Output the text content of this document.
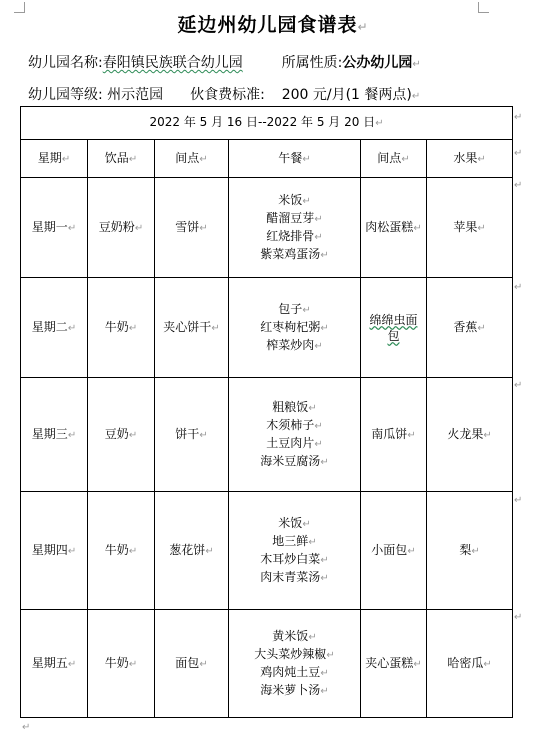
延边州幼儿园食谱表↵
幼儿园名称:春阳镇民族联合幼儿园	所属性质:公办幼儿园↵
幼儿园等级: 州示范园 伙食费标准: 200 元/月(1 餐两点)↵
2022 年 5 月 16 日--2022 年 5 月 20 日↵					
星期↵	饮品↵	间点↵	午餐↵	间点↵	水果↵
星期一↵	豆奶粉↵	雪饼↵	米饭↵
醋溜豆芽↵
红烧排骨↵
紫菜鸡蛋汤↵	肉松蛋糕↵	苹果↵
星期二↵	牛奶↵	夹心饼干↵	包子↵
红枣枸杞粥↵
榨菜炒肉↵	绵绵虫面包	香蕉↵
星期三↵	豆奶↵	饼干↵	粗粮饭↵
木须柿子↵
土豆肉片↵
海米豆腐汤↵	南瓜饼↵	火龙果↵
星期四↵	牛奶↵	葱花饼↵	米饭↵
地三鲜↵
木耳炒白菜↵
肉末青菜汤↵	小面包↵	梨↵
星期五↵	牛奶↵	面包↵	黄米饭↵
大头菜炒辣椒↵
鸡肉炖土豆↵
海米萝卜汤↵	夹心蛋糕↵	哈密瓜↵
↵
↵
↵
↵
↵
↵
↵
↵
